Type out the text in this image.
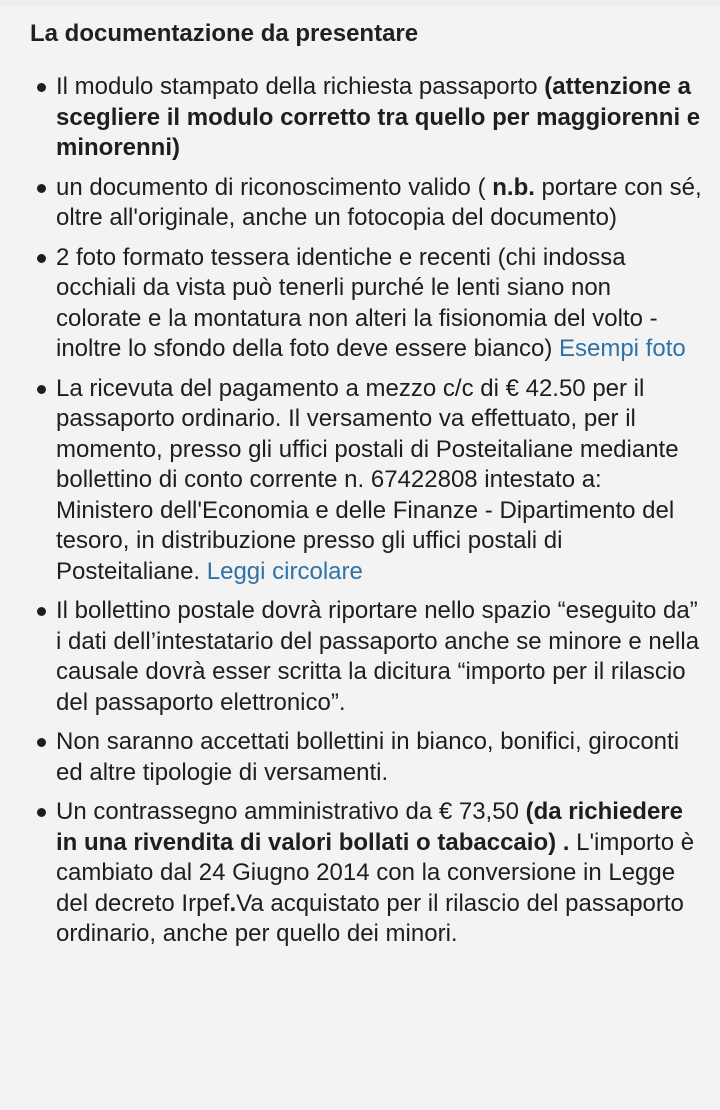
La documentazione da presentare
Il modulo stampato della richiesta passaporto (attenzione a scegliere il modulo corretto tra quello per maggiorenni e minorenni)
un documento di riconoscimento valido ( n.b. portare con sé, oltre all'originale, anche un fotocopia del documento)
2 foto formato tessera identiche e recenti (chi indossa occhiali da vista può tenerli purché le lenti siano non colorate e la montatura non alteri la fisionomia del volto - inoltre lo sfondo della foto deve essere bianco) Esempi foto
La ricevuta del pagamento a mezzo c/c di € 42.50 per il passaporto ordinario. Il versamento va effettuato, per il momento, presso gli uffici postali di Posteitaliane mediante bollettino di conto corrente n. 67422808 intestato a: Ministero dell'Economia e delle Finanze - Dipartimento del tesoro, in distribuzione presso gli uffici postali di Posteitaliane. Leggi circolare
Il bollettino postale dovrà riportare nello spazio “eseguito da” i dati dell’intestatario del passaporto anche se minore e nella causale dovrà esser scritta la dicitura “importo per il rilascio del passaporto elettronico”.
Non saranno accettati bollettini in bianco, bonifici, giroconti ed altre tipologie di versamenti.
Un contrassegno amministrativo da € 73,50 (da richiedere in una rivendita di valori bollati o tabaccaio) . L'importo è cambiato dal 24 Giugno 2014 con la conversione in Legge del decreto Irpef.Va acquistato per il rilascio del passaporto ordinario, anche per quello dei minori.
